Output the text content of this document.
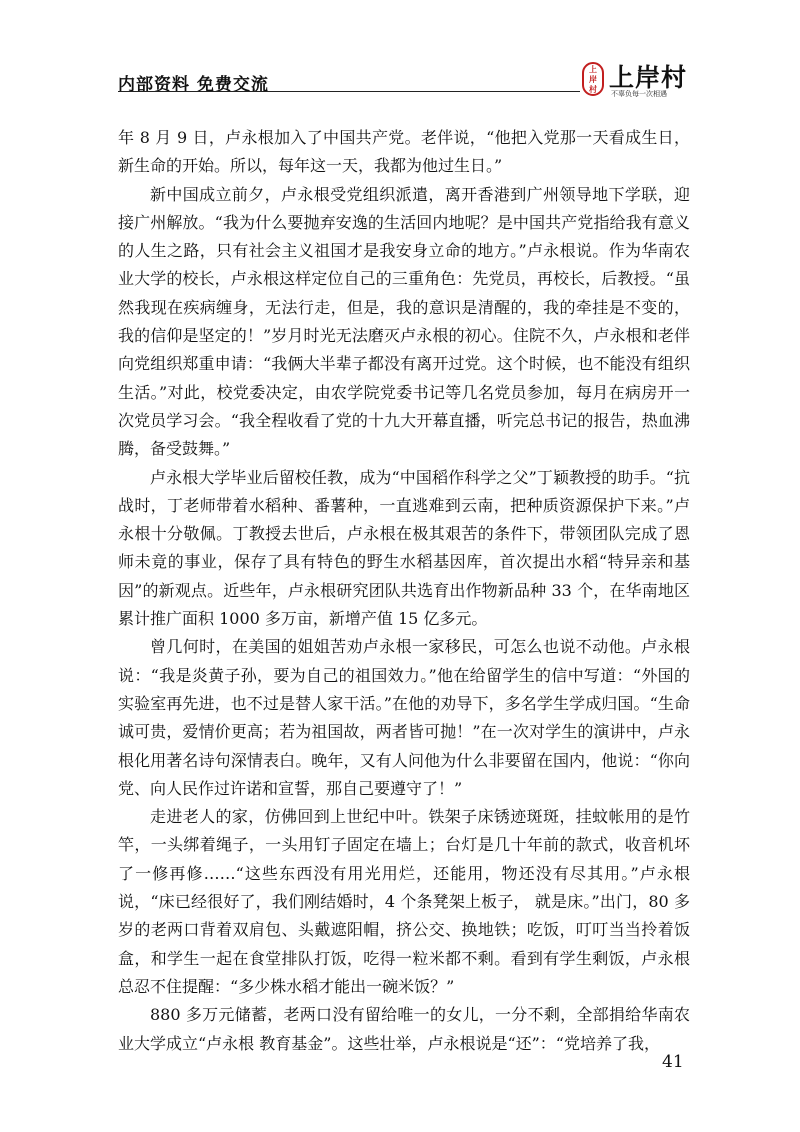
内部资料 免费交流
上
岸
村 上岸村
不辜负每一次相遇

年 8 月 9 日，卢永根加入了中国共产党。老伴说，“他把入党那一天看成生日，新生命的开始。所以，每年这一天，我都为他过生日。”

新中国成立前夕，卢永根受党组织派遣，离开香港到广州领导地下学联，迎接广州解放。“我为什么要抛弃安逸的生活回内地呢？是中国共产党指给我有意义的人生之路，只有社会主义祖国才是我安身立命的地方。”卢永根说。作为华南农业大学的校长，卢永根这样定位自己的三重角色：先党员，再校长，后教授。“虽然我现在疾病缠身，无法行走，但是，我的意识是清醒的，我的牵挂是不变的，我的信仰是坚定的！”岁月时光无法磨灭卢永根的初心。住院不久，卢永根和老伴向党组织郑重申请：“我俩大半辈子都没有离开过党。这个时候，也不能没有组织生活。”对此，校党委决定，由农学院党委书记等几名党员参加，每月在病房开一次党员学习会。“我全程收看了党的十九大开幕直播，听完总书记的报告，热血沸腾，备受鼓舞。”

卢永根大学毕业后留校任教，成为“中国稻作科学之父”丁颖教授的助手。“抗战时，丁老师带着水稻种、番薯种，一直逃难到云南，把种质资源保护下来。”卢永根十分敬佩。丁教授去世后，卢永根在极其艰苦的条件下，带领团队完成了恩师未竟的事业，保存了具有特色的野生水稻基因库，首次提出水稻“特异亲和基因”的新观点。近些年，卢永根研究团队共选育出作物新品种 33 个，在华南地区累计推广面积 1000 多万亩，新增产值 15 亿多元。

曾几何时，在美国的姐姐苦劝卢永根一家移民，可怎么也说不动他。卢永根说：“我是炎黄子孙，要为自己的祖国效力。”他在给留学生的信中写道：“外国的实验室再先进，也不过是替人家干活。”在他的劝导下，多名学生学成归国。“生命诚可贵，爱情价更高；若为祖国故，两者皆可抛！”在一次对学生的演讲中，卢永根化用著名诗句深情表白。晚年，又有人问他为什么非要留在国内，他说：“你向党、向人民作过许诺和宣誓，那自己要遵守了！”

走进老人的家，仿佛回到上世纪中叶。铁架子床锈迹斑斑，挂蚊帐用的是竹竿，一头绑着绳子，一头用钉子固定在墙上；台灯是几十年前的款式，收音机坏了一修再修……“这些东西没有用光用烂，还能用，物还没有尽其用。”卢永根说，“床已经很好了，我们刚结婚时，4 个条凳架上板子， 就是床。”出门，80 多岁的老两口背着双肩包、头戴遮阳帽，挤公交、换地铁；吃饭，叮叮当当拎着饭盒，和学生一起在食堂排队打饭，吃得一粒米都不剩。看到有学生剩饭，卢永根总忍不住提醒：“多少株水稻才能出一碗米饭？”

880 多万元储蓄，老两口没有留给唯一的女儿，一分不剩，全部捐给华南农业大学成立“卢永根 教育基金”。这些壮举，卢永根说是“还”：“党培养了我，

41
